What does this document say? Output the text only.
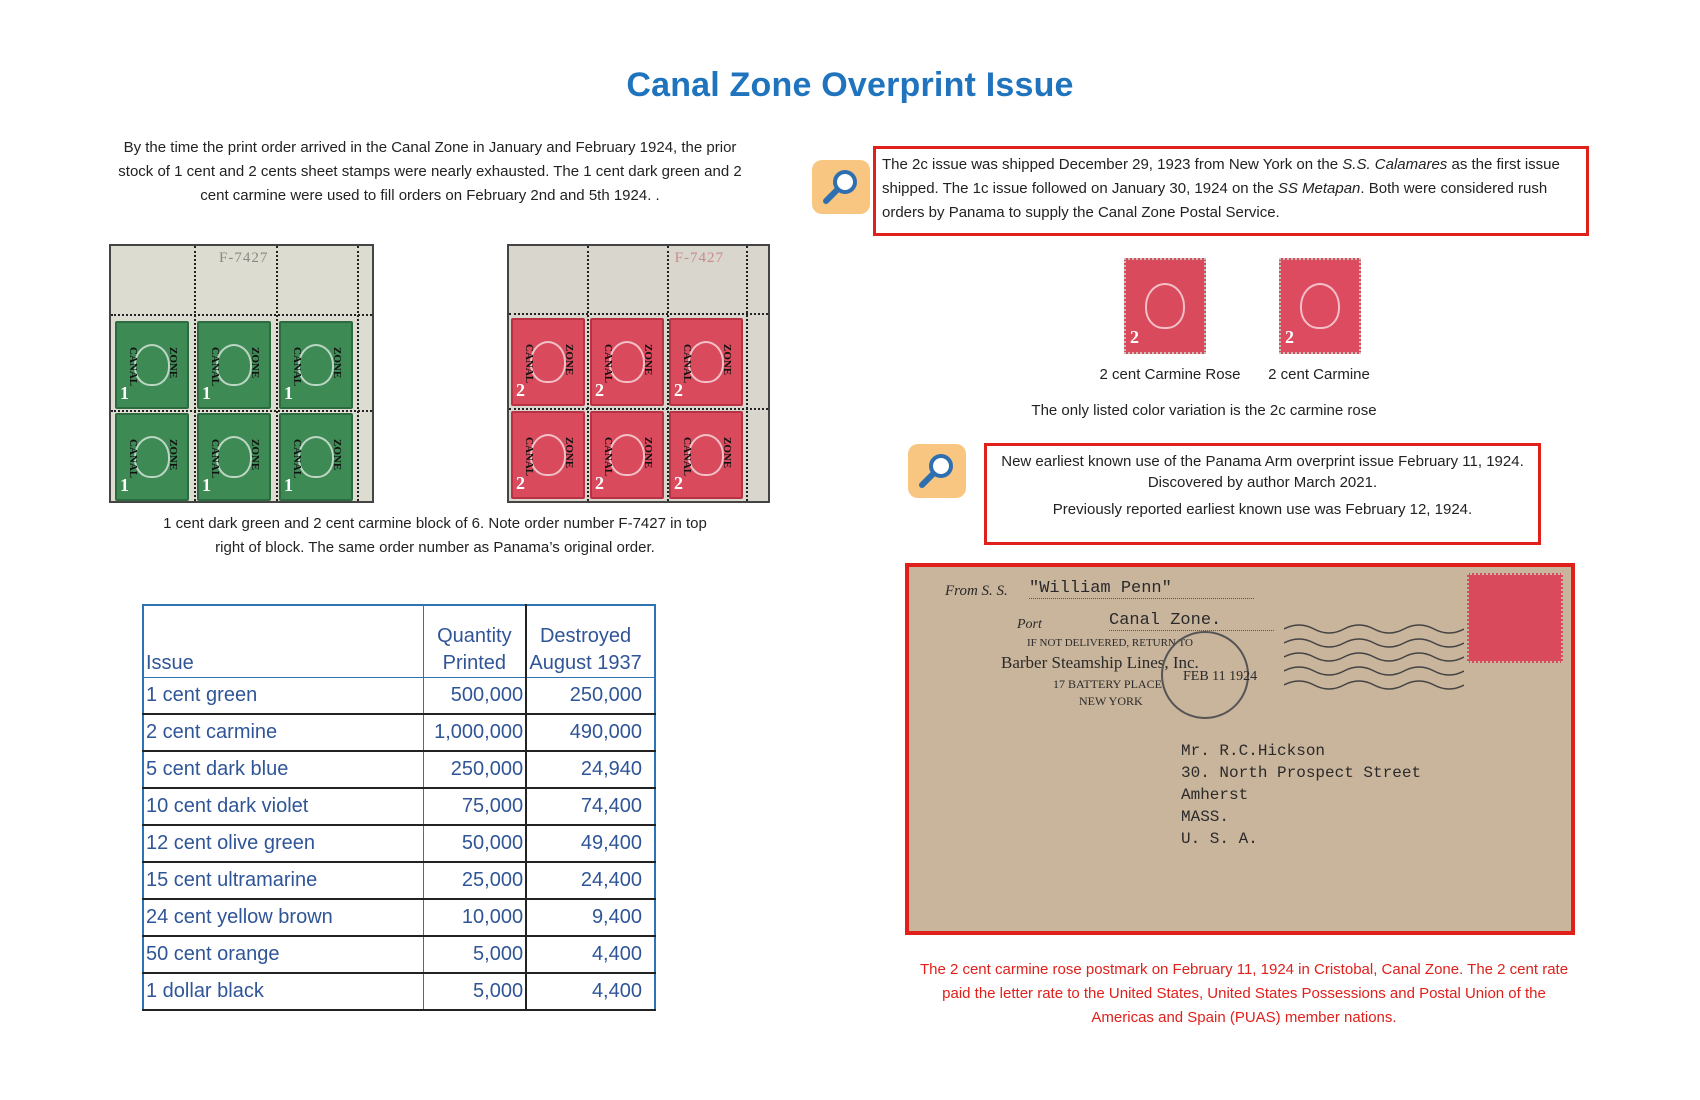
Canal Zone Overprint Issue

By the time the print order arrived in the Canal Zone in January and February 1924, the prior stock of 1 cent and 2 cents sheet stamps were nearly exhausted. The 1 cent dark green and 2 cent carmine were used to fill orders on February 2nd and 5th 1924. .

F-7427
CANAL	ZONE
1
CANAL	ZONE
1
CANAL	ZONE
1
CANAL	ZONE
1
CANAL	ZONE
1
CANAL	ZONE
1
F-7427
CANAL	ZONE
2
CANAL	ZONE
2
CANAL	ZONE
2
CANAL	ZONE
2
CANAL	ZONE
2
CANAL	ZONE
2

1 cent dark green and 2 cent carmine block of 6. Note order number F-7427 in top right of block. The same order number as Panama’s original order.

Issue	Quantity Printed	Destroyed August 1937
1 cent green	500,000	250,000
2 cent carmine	1,000,000	490,000
5 cent dark blue	250,000	24,940
10 cent dark violet	75,000	74,400
12 cent olive green	50,000	49,400
15 cent ultramarine	25,000	24,400
24 cent yellow brown	10,000	9,400
50 cent orange	5,000	4,400
1 dollar black	5,000	4,400
The 2c issue was shipped December 29, 1923 from New York on the S.S. Calamares as the first issue shipped. The 1c issue followed on January 30, 1924 on the SS Metapan. Both were considered rush orders by Panama to supply the Canal Zone Postal Service.
2	2
2 cent Carmine Rose	2 cent Carmine

The only listed color variation is the 2c carmine rose

New earliest known use of the Panama Arm overprint issue February 11, 1924.

Discovered by author March 2021.

Previously reported earliest known use was February 12, 1924.

From S. S. "William Penn"
Port	Canal Zone.
IF NOT DELIVERED, RETURN TO
Barber Steamship Lines, Inc.
17 BATTERY PLACE
NEW YORK
FEB 11 1924
Mr. R.C.Hickson
30. North Prospect Street
Amherst
MASS.
U. S. A.

The 2 cent carmine rose postmark on February 11, 1924 in Cristobal, Canal Zone. The 2 cent rate paid the letter rate to the United States, United States Possessions and Postal Union of the Americas and Spain (PUAS) member nations.
